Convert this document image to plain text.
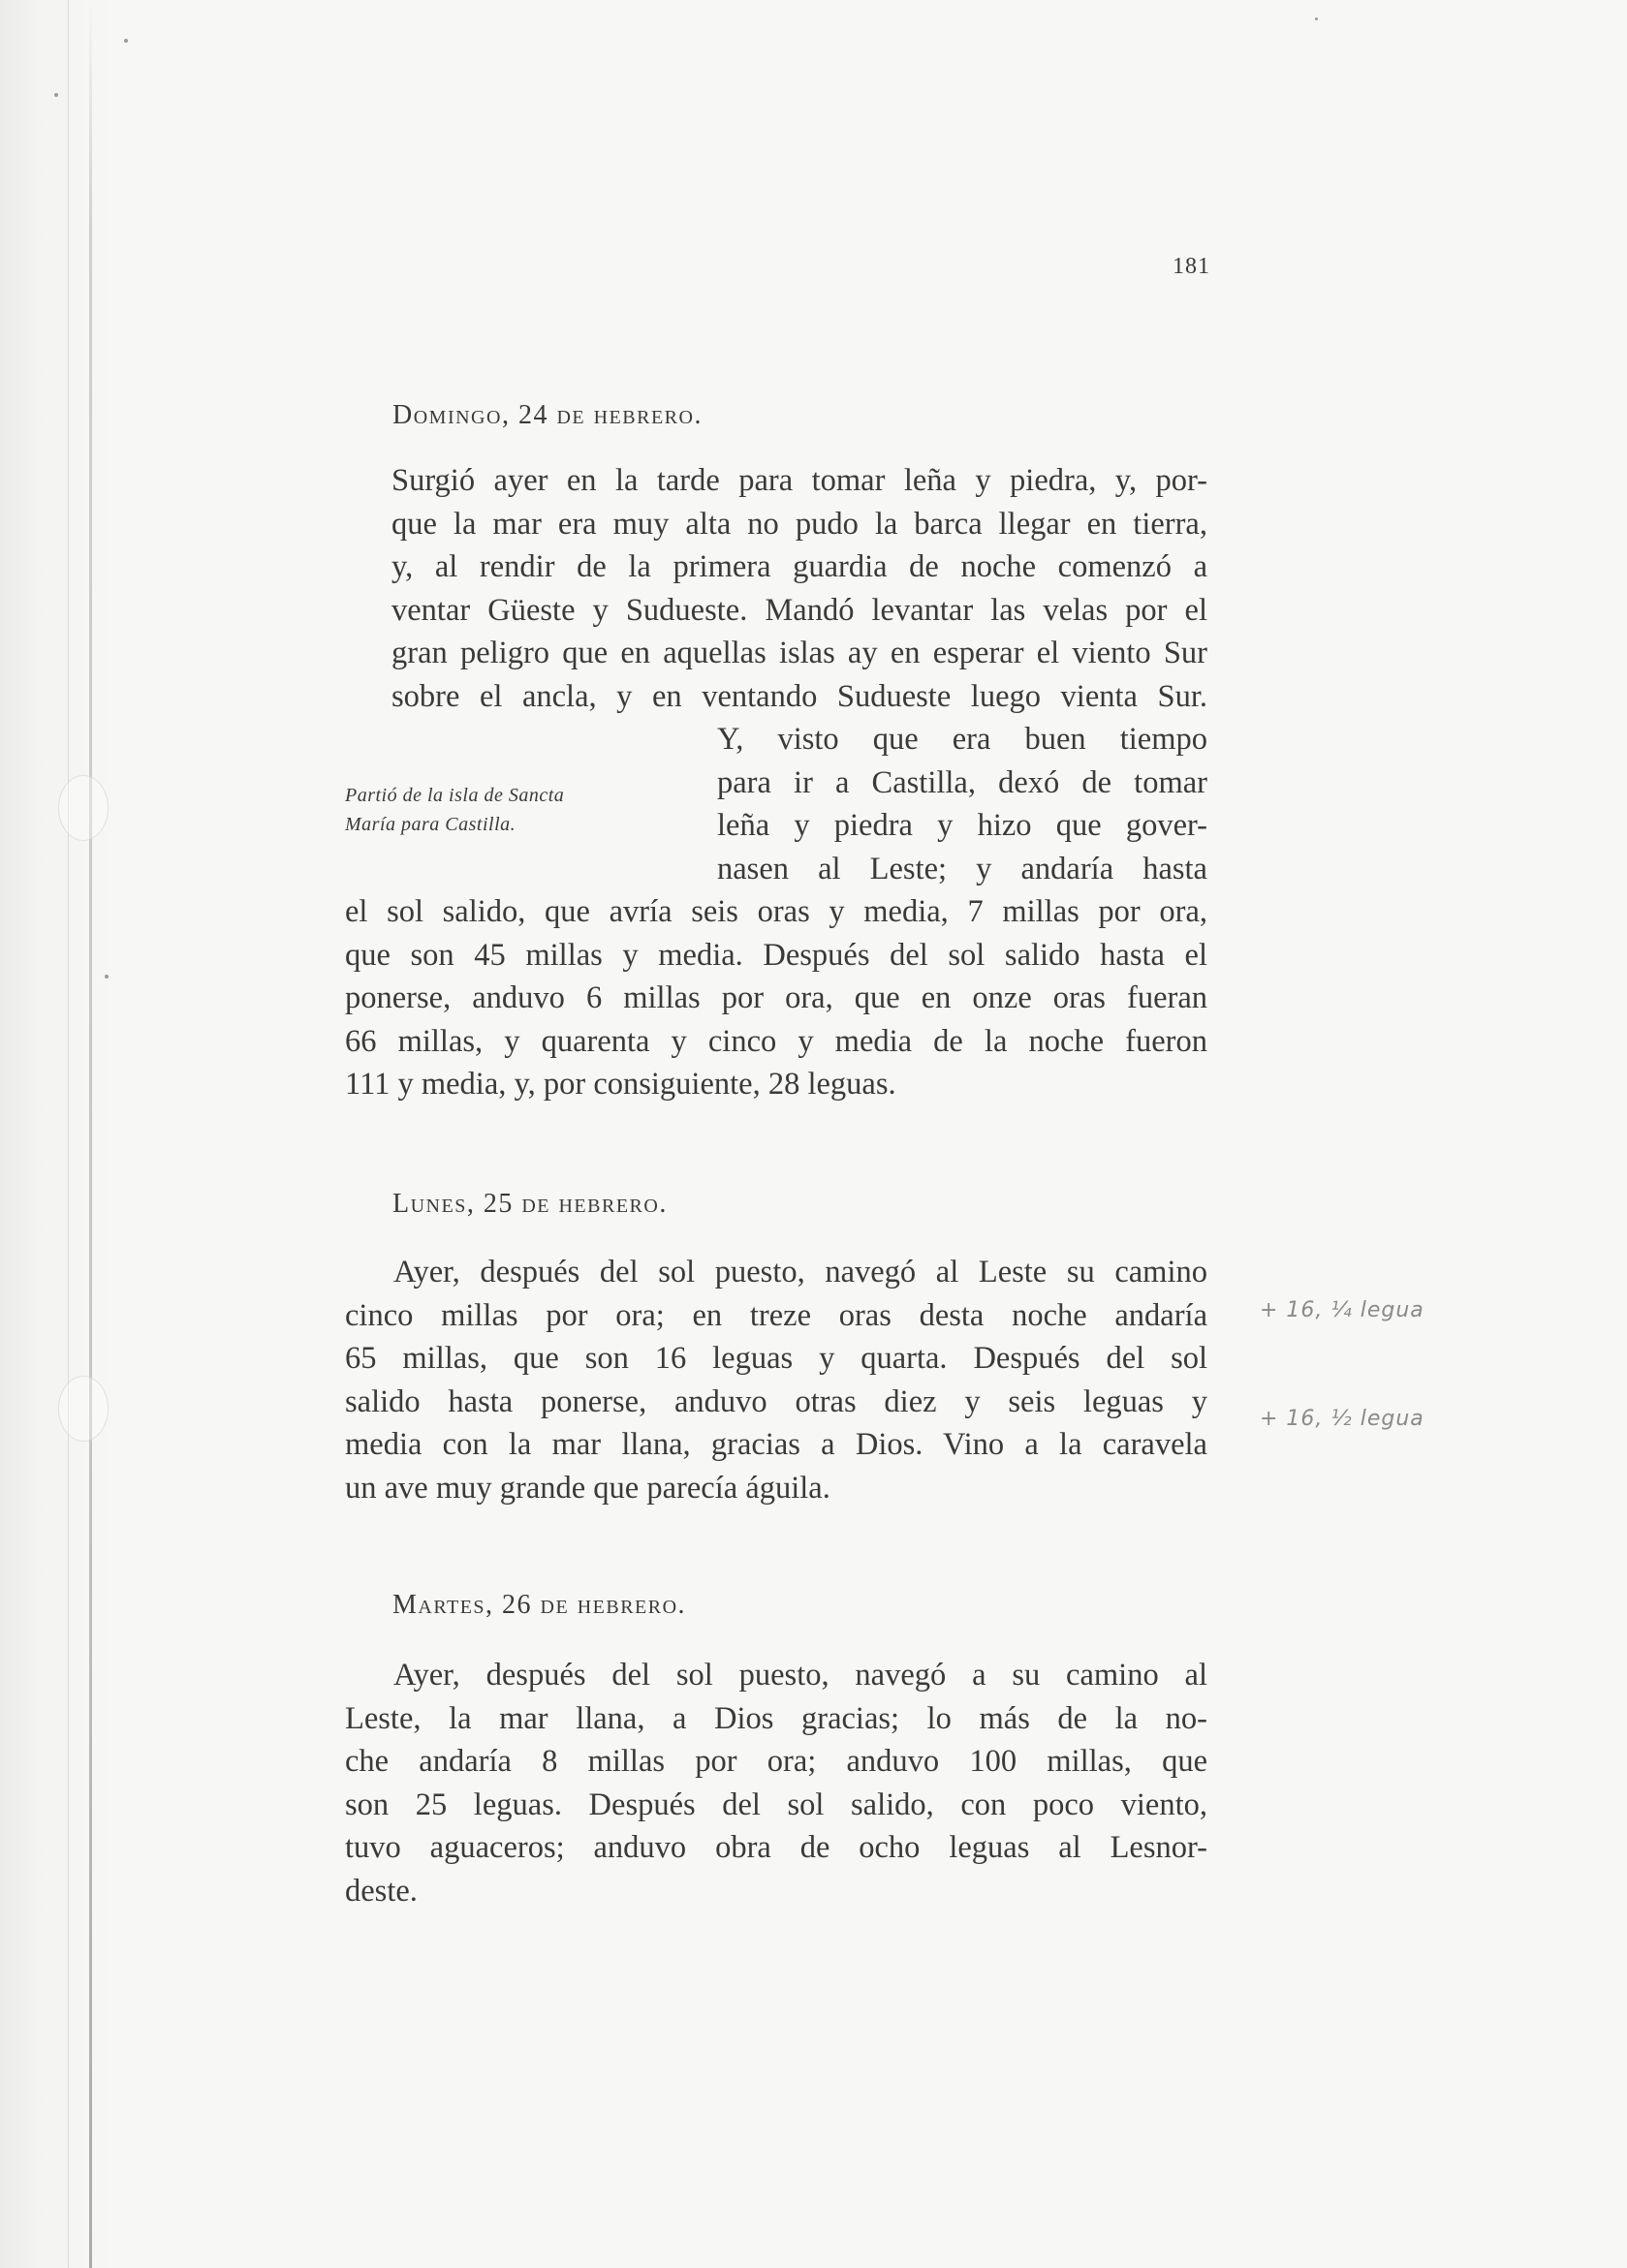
181
Domingo, 24 de hebrero.
Surgió ayer en la tarde para tomar leña y piedra, y, por-
que la mar era muy alta no pudo la barca llegar en tierra,
y, al rendir de la primera guardia de noche comenzó a
ventar Güeste y Sudueste. Mandó levantar las velas por el
gran peligro que en aquellas islas ay en esperar el viento Sur
sobre el ancla, y en ventando Sudueste luego vienta Sur.
Y, visto que era buen tiempo
para ir a Castilla, dexó de tomar
leña y piedra y hizo que gover-
nasen al Leste; y andaría hasta
Partió de la isla de Sancta
María para Castilla.
el sol salido, que avría seis oras y media, 7 millas por ora,
que son 45 millas y media. Después del sol salido hasta el
ponerse, anduvo 6 millas por ora, que en onze oras fueran
66 millas, y quarenta y cinco y media de la noche fueron
111 y media, y, por consiguiente, 28 leguas.
Lunes, 25 de hebrero.
Ayer, después del sol puesto, navegó al Leste su camino
cinco millas por ora; en treze oras desta noche andaría
65 millas, que son 16 leguas y quarta. Después del sol
salido hasta ponerse, anduvo otras diez y seis leguas y
media con la mar llana, gracias a Dios. Vino a la caravela
un ave muy grande que parecía águila.
+ 16, ¼ legua
+ 16, ½ legua
Martes, 26 de hebrero.
Ayer, después del sol puesto, navegó a su camino al
Leste, la mar llana, a Dios gracias; lo más de la no-
che andaría 8 millas por ora; anduvo 100 millas, que
son 25 leguas. Después del sol salido, con poco viento,
tuvo aguaceros; anduvo obra de ocho leguas al Lesnor-
deste.
